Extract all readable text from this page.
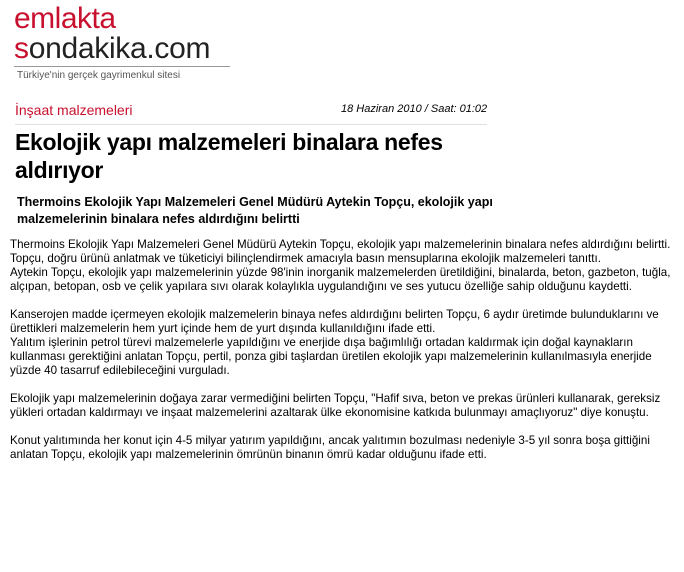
emlakta
sondakika.com
Türkiye'nin gerçek gayrimenkul sitesi
İnşaat malzemeleri	18 Haziran 2010 / Saat: 01:02
Ekolojik yapı malzemeleri binalara nefes aldırıyor

Thermoins Ekolojik Yapı Malzemeleri Genel Müdürü Aytekin Topçu, ekolojik yapı malzemelerinin binalara nefes aldırdığını belirtti

Thermoins Ekolojik Yapı Malzemeleri Genel Müdürü Aytekin Topçu, ekolojik yapı malzemelerinin binalara nefes aldırdığını belirtti.

Topçu, doğru ürünü anlatmak ve tüketiciyi bilinçlendirmek amacıyla basın mensuplarına ekolojik malzemeleri tanıttı.

Aytekin Topçu, ekolojik yapı malzemelerinin yüzde 98'inin inorganik malzemelerden üretildiğini, binalarda, beton, gazbeton, tuğla, alçıpan, betopan, osb ve çelik yapılara sıvı olarak kolaylıkla uygulandığını ve ses yutucu özelliğe sahip olduğunu kaydetti.

Kanserojen madde içermeyen ekolojik malzemelerin binaya nefes aldırdığını belirten Topçu, 6 aydır üretimde bulunduklarını ve ürettikleri malzemelerin hem yurt içinde hem de yurt dışında kullanıldığını ifade etti.

Yalıtım işlerinin petrol türevi malzemelerle yapıldığını ve enerjide dışa bağımlılığı ortadan kaldırmak için doğal kaynakların kullanması gerektiğini anlatan Topçu, pertil, ponza gibi taşlardan üretilen ekolojik yapı malzemelerinin kullanılmasıyla enerjide yüzde 40 tasarruf edilebileceğini vurguladı.

Ekolojik yapı malzemelerinin doğaya zarar vermediğini belirten Topçu, "Hafif sıva, beton ve prekas ürünleri kullanarak, gereksiz yükleri ortadan kaldırmayı ve inşaat malzemelerini azaltarak ülke ekonomisine katkıda bulunmayı amaçlıyoruz" diye konuştu.

Konut yalıtımında her konut için 4-5 milyar yatırım yapıldığını, ancak yalıtımın bozulması nedeniyle 3-5 yıl sonra boşa gittiğini anlatan Topçu, ekolojik yapı malzemelerinin ömrünün binanın ömrü kadar olduğunu ifade etti.
